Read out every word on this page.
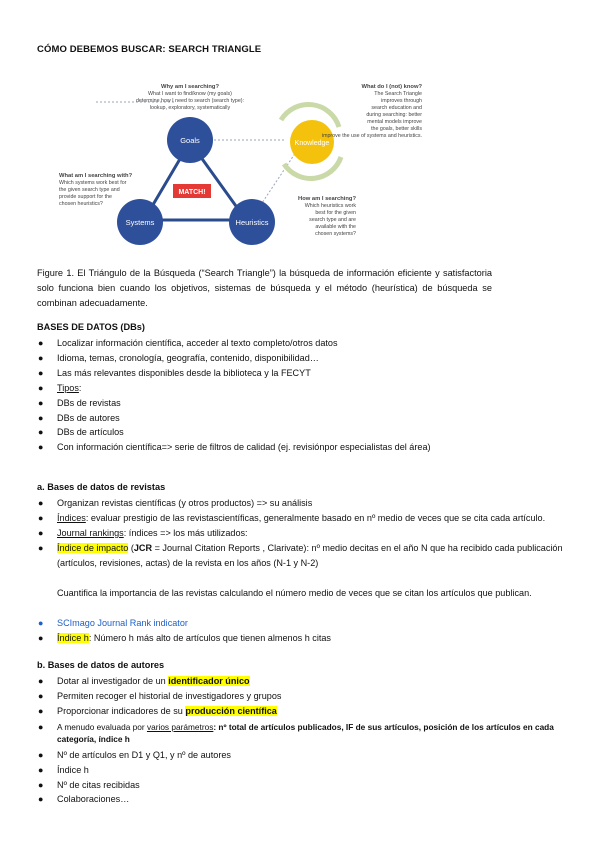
CÓMO DEBEMOS BUSCAR: SEARCH TRIANGLE
Goals
Systems	Heuristics
Knowledge
MATCH!
Why am I searching?
What I want to find/know (my goals)
determine how I need to search (search type):
lookup, exploratory, systematically
What am I searching with?
Which systems work best for
the given search type and
provide support for the
chosen heuristics?
What do I (not) know?
The Search Triangle
improves through
search education and
during searching: better
mental models improve
the goals, better skills
improve the use of systems and heuristics.
How am I searching?
Which heuristics work
best for the given
search type and are
available with the
chosen systems?
Figure 1. El Triángulo de la Búsqueda (“Search Triangle”) la búsqueda de información eficiente y satisfactoria solo funciona bien cuando los objetivos, sistemas de búsqueda y el método (heurística) de búsqueda se combinan adecuadamente.
BASES DE DATOS (DBs)
● Localizar información científica, acceder al texto completo/otros datos
● Idioma, temas, cronología, geografía, contenido, disponibilidad…
● Las más relevantes disponibles desde la biblioteca y la FECYT
● Tipos:
● DBs de revistas
● DBs de autores
● DBs de artículos
● Con información científica=> serie de filtros de calidad (ej. revisiónpor especialistas del área)
a. Bases de datos de revistas
● Organizan revistas científicas (y otros productos) => su análisis
● Índices: evaluar prestigio de las revistascientíficas, generalmente basado en nº medio de veces que se cita cada artículo.
● Journal rankings: índices => los más utilizados:
● Índice de impacto (JCR = Journal Citation Reports , Clarivate): nº medio decitas en el año N que ha recibido cada publicación (artículos, revisiones, actas) de la revista en los años (N-1 y N-2)
Cuantifica la importancia de las revistas calculando el número medio de veces que se citan los artículos que publican.
● SCImago Journal Rank indicator
● Índice h: Número h más alto de artículos que tienen almenos h citas
b. Bases de datos de autores
● Dotar al investigador de un identificador único
● Permiten recoger el historial de investigadores y grupos
● Proporcionar indicadores de su producción científica
● A menudo evaluada por varios parámetros: nº total de artículos publicados, IF de sus artículos, posición de los artículos en cada categoría, índice h
● Nº de artículos en D1 y Q1, y nº de autores
● Índice h
● Nº de citas recibidas
● Colaboraciones…
